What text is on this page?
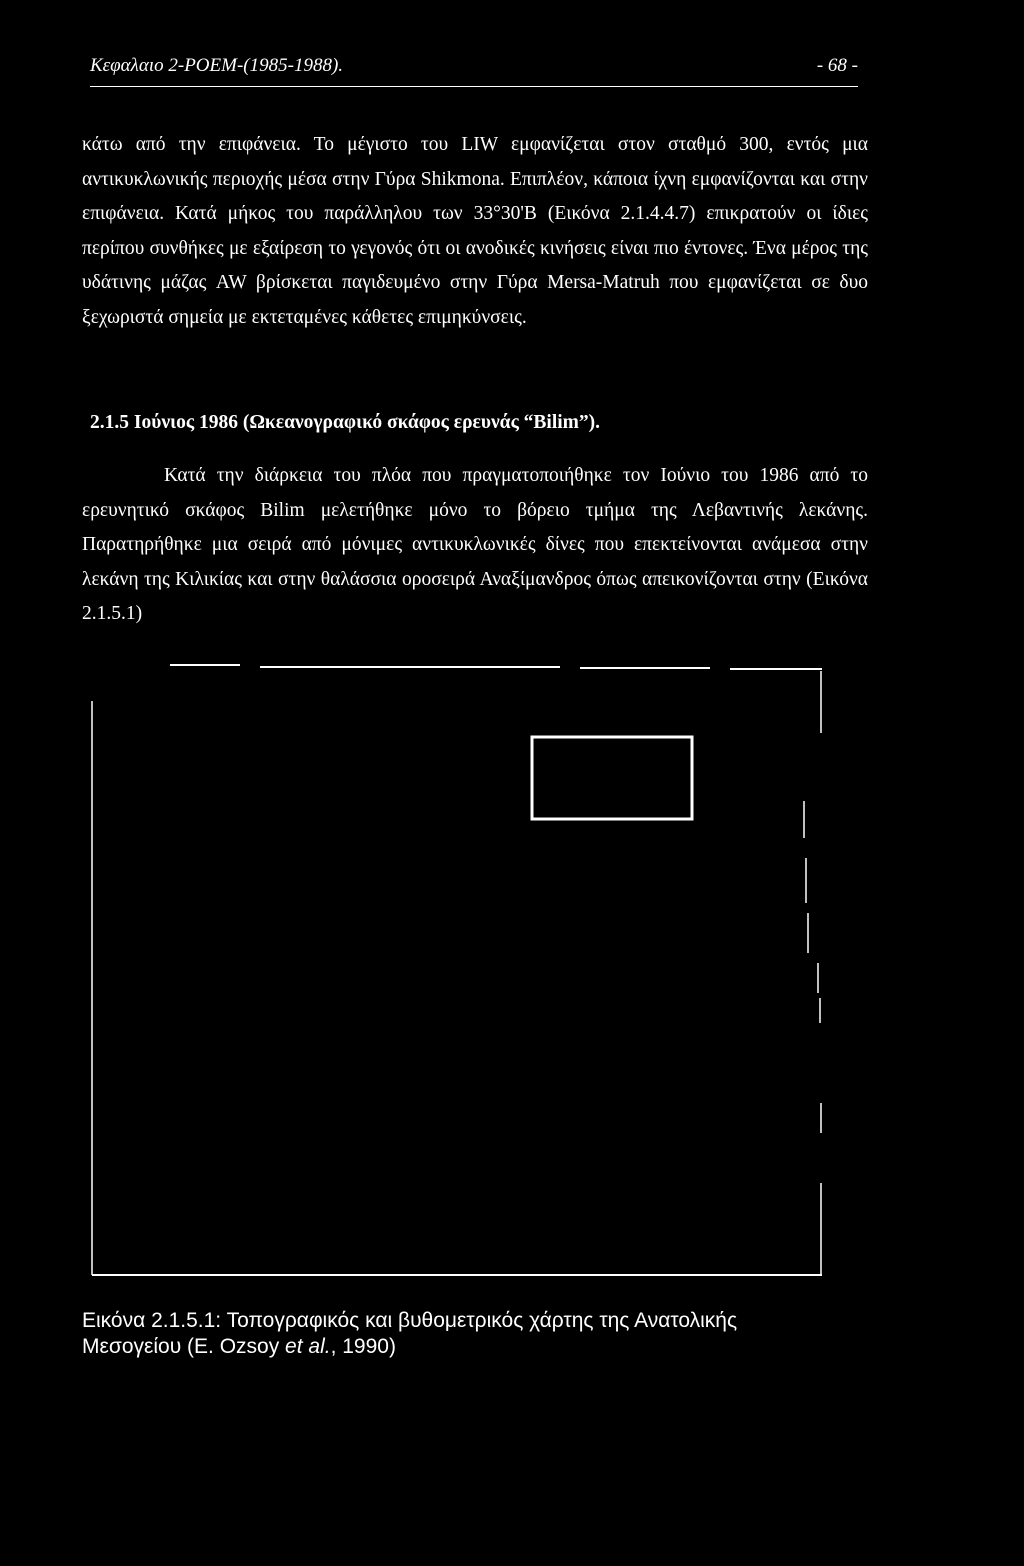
Κεφαλαιο 2-POEM-(1985-1988).	- 68 -

κάτω από την επιφάνεια. Το μέγιστο του LIW εμφανίζεται στον σταθμό 300, εντός μια αντικυκλωνικής περιοχής μέσα στην Γύρα Shikmona. Επιπλέον, κάποια ίχνη εμφανίζονται και στην επιφάνεια. Κατά μήκος του παράλληλου των 33°30'Β (Εικόνα 2.1.4.4.7) επικρατούν οι ίδιες περίπου συνθήκες με εξαίρεση το γεγονός ότι οι ανοδικές κινήσεις είναι πιο έντονες. Ένα μέρος της υδάτινης μάζας AW βρίσκεται παγιδευμένο στην Γύρα Mersa-Matruh που εμφανίζεται σε δυο ξεχωριστά σημεία με εκτεταμένες κάθετες επιμηκύνσεις.

2.1.5 Ιούνιος 1986 (Ωκεανογραφικό σκάφος ερευνάς “Bilim”).

Κατά την διάρκεια του πλόα που πραγματοποιήθηκε τον Ιούνιο του 1986 από το ερευνητικό σκάφος Bilim μελετήθηκε μόνο το βόρειο τμήμα της Λεβαντινής λεκάνης. Παρατηρήθηκε μια σειρά από μόνιμες αντικυκλωνικές δίνες που επεκτείνονται ανάμεσα στην λεκάνη της Κιλικίας και στην θαλάσσια οροσειρά Αναξίμανδρος όπως απεικονίζονται στην (Εικόνα 2.1.5.1)

Εικόνα 2.1.5.1: Τοπογραφικός και βυθομετρικός χάρτης της Ανατολικής Μεσογείου (E. Ozsoy et al., 1990)
